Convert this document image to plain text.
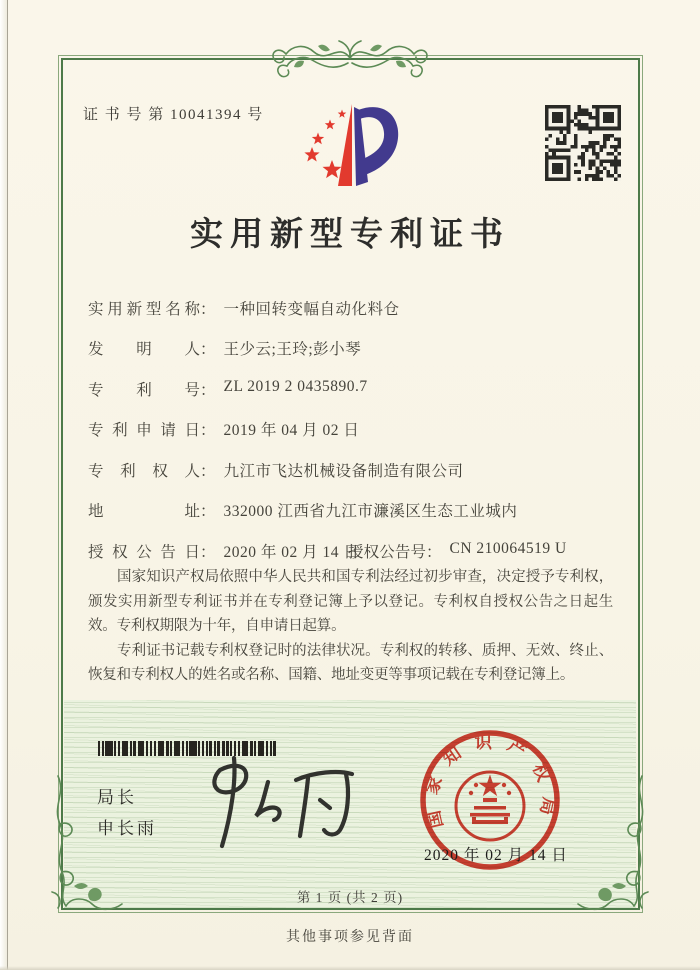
证 书 号 第 10041394 号
实用新型专利证书
实用新型名称： 一种回转变幅自动化料仓
发明人： 王少云;王玲;彭小琴
专利号： ZL 2019 2 0435890.7
专利申请日： 2019 年 04 月 02 日
专利权人： 九江市飞达机械设备制造有限公司
地址： 332000 江西省九江市濂溪区生态工业城内
授权公告日： 2020 年 02 月 14 日
授权公告号： CN 210064519 U

国家知识产权局依照中华人民共和国专利法经过初步审查，决定授予专利权，颁发实用新型专利证书并在专利登记簿上予以登记。专利权自授权公告之日起生效。专利权期限为十年，自申请日起算。

专利证书记载专利权登记时的法律状况。专利权的转移、质押、无效、终止、恢复和专利权人的姓名或名称、国籍、地址变更等事项记载在专利登记簿上。

局长
申长雨	国家知识产权局
2020 年 02 月 14 日
第 1 页 (共 2 页)
其他事项参见背面
